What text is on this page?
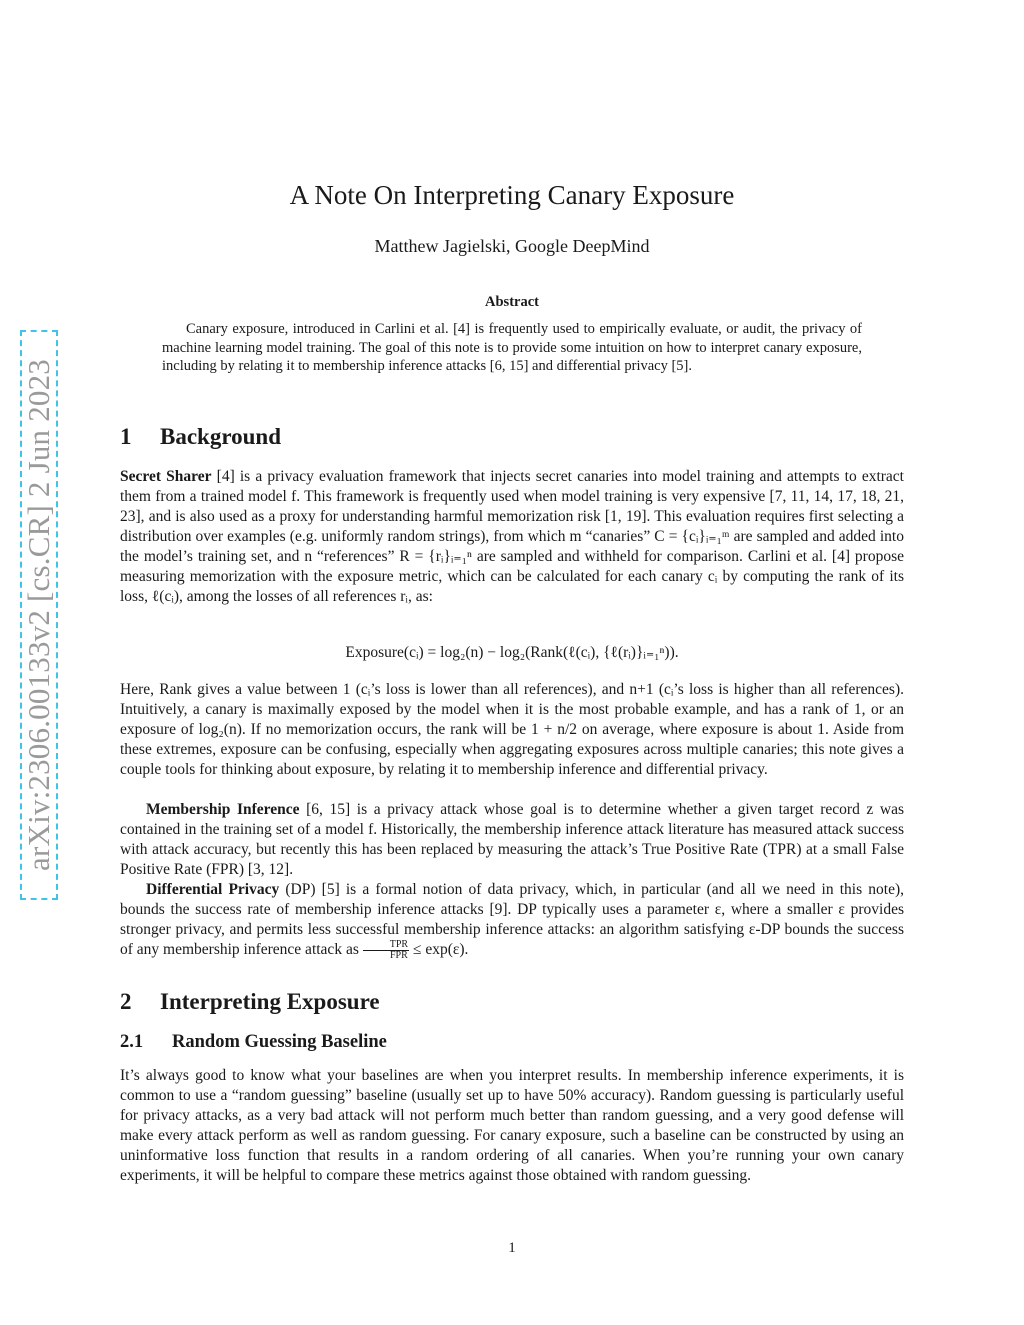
arXiv:2306.00133v2 [cs.CR] 2 Jun 2023
A Note On Interpreting Canary Exposure
Matthew Jagielski, Google DeepMind
Abstract
Canary exposure, introduced in Carlini et al. [4] is frequently used to empirically evaluate, or audit, the privacy of machine learning model training. The goal of this note is to provide some intuition on how to interpret canary exposure, including by relating it to membership inference attacks [6, 15] and differential privacy [5].
1 Background
Secret Sharer [4] is a privacy evaluation framework that injects secret canaries into model training and attempts to extract them from a trained model f. This framework is frequently used when model training is very expensive [7, 11, 14, 17, 18, 21, 23], and is also used as a proxy for understanding harmful memorization risk [1, 19]. This evaluation requires first selecting a distribution over examples (e.g. uniformly random strings), from which m “canaries” C = {cᵢ}ᵢ₌₁ᵐ are sampled and added into the model’s training set, and n “references” R = {rᵢ}ᵢ₌₁ⁿ are sampled and withheld for comparison. Carlini et al. [4] propose measuring memorization with the exposure metric, which can be calculated for each canary cᵢ by computing the rank of its loss, ℓ(cᵢ), among the losses of all references rᵢ, as:
Exposure(cᵢ) = log₂(n) − log₂(Rank(ℓ(cᵢ), {ℓ(rᵢ)}ᵢ₌₁ⁿ)).
Here, Rank gives a value between 1 (cᵢ’s loss is lower than all references), and n+1 (cᵢ’s loss is higher than all references). Intuitively, a canary is maximally exposed by the model when it is the most probable example, and has a rank of 1, or an exposure of log₂(n). If no memorization occurs, the rank will be 1 + n/2 on average, where exposure is about 1. Aside from these extremes, exposure can be confusing, especially when aggregating exposures across multiple canaries; this note gives a couple tools for thinking about exposure, by relating it to membership inference and differential privacy.
Membership Inference [6, 15] is a privacy attack whose goal is to determine whether a given target record z was contained in the training set of a model f. Historically, the membership inference attack literature has measured attack success with attack accuracy, but recently this has been replaced by measuring the attack’s True Positive Rate (TPR) at a small False Positive Rate (FPR) [3, 12].
Differential Privacy (DP) [5] is a formal notion of data privacy, which, in particular (and all we need in this note), bounds the success rate of membership inference attacks [9]. DP typically uses a parameter ε, where a smaller ε provides stronger privacy, and permits less successful membership inference attacks: an algorithm satisfying ε-DP bounds the success of any membership inference attack as $\frac{\text{TPR}}{\text{FPR}} \le \exp(\varepsilon)$.
2 Interpreting Exposure
2.1 Random Guessing Baseline
It’s always good to know what your baselines are when you interpret results. In membership inference experiments, it is common to use a “random guessing” baseline (usually set up to have 50% accuracy). Random guessing is particularly useful for privacy attacks, as a very bad attack will not perform much better than random guessing, and a very good defense will make every attack perform as well as random guessing. For canary exposure, such a baseline can be constructed by using an uninformative loss function that results in a random ordering of all canaries. When you’re running your own canary experiments, it will be helpful to compare these metrics against those obtained with random guessing.
1
